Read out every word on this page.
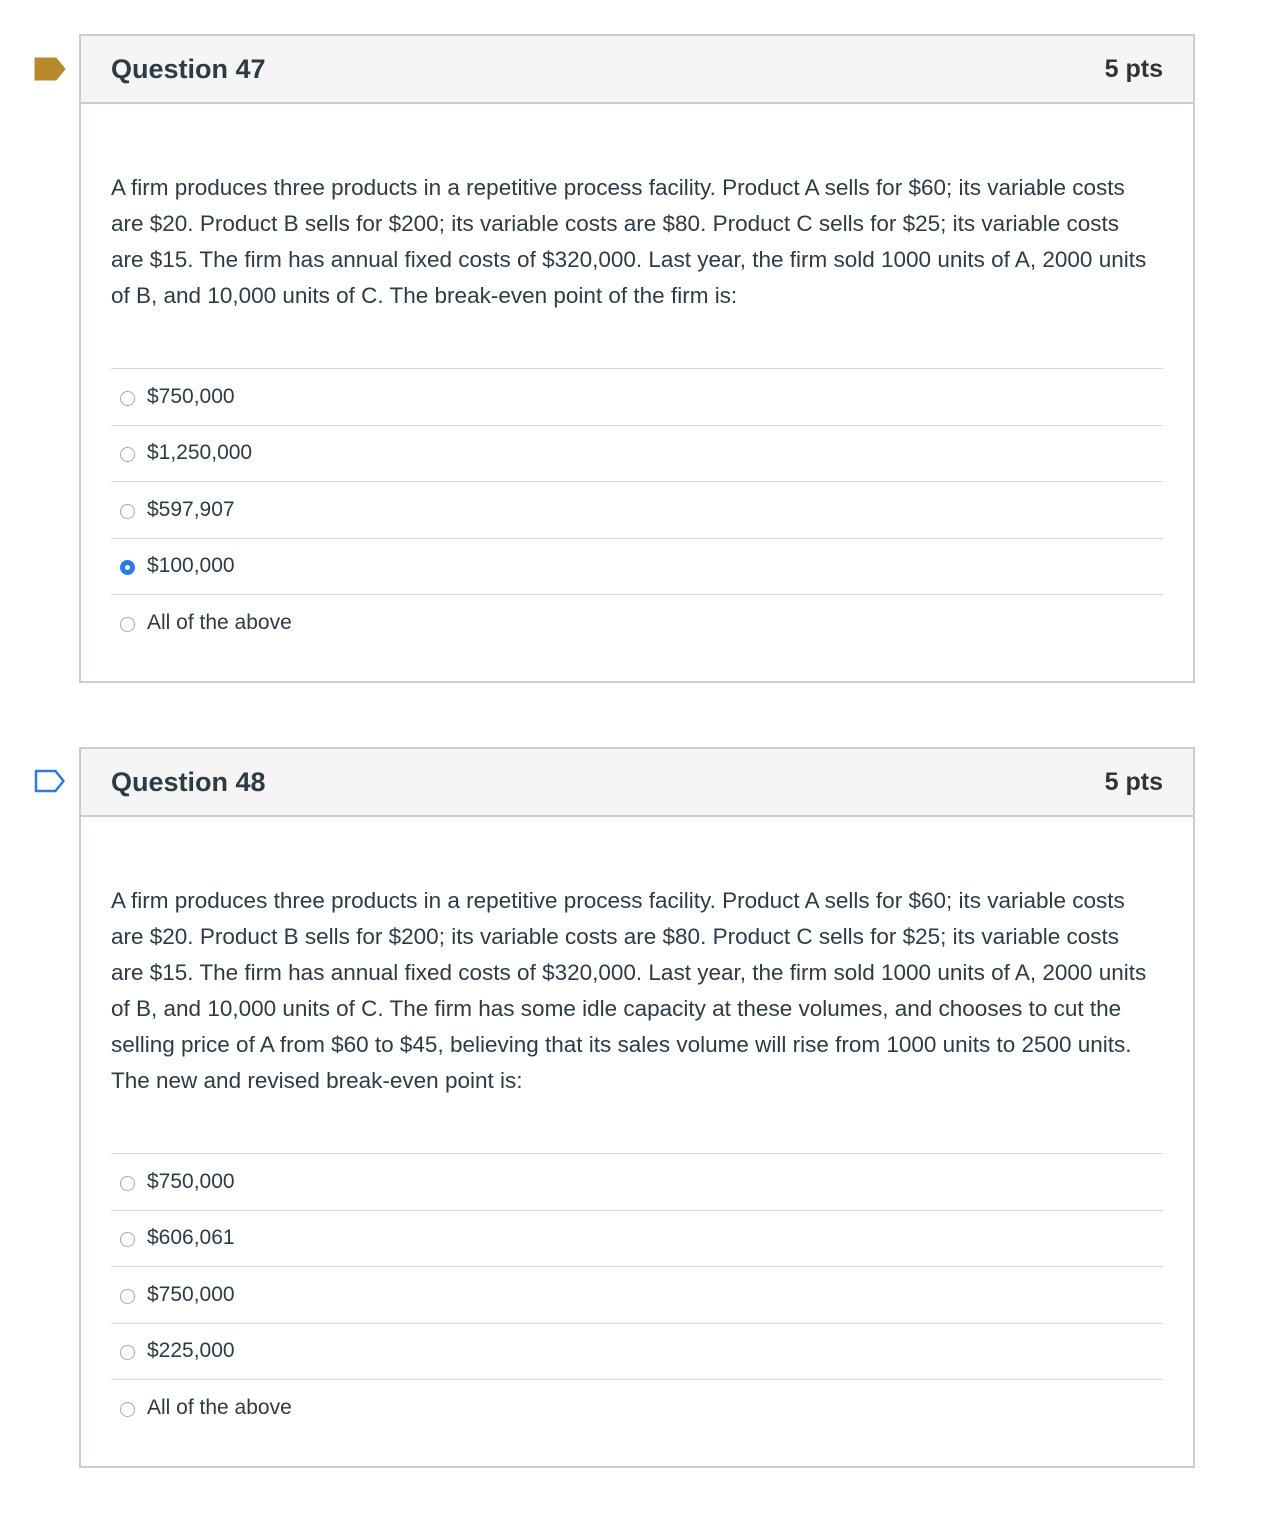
Question 47	5 pts

A firm produces three products in a repetitive process facility. Product A sells for $60; its variable costs are $20. Product B sells for $200; its variable costs are $80. Product C sells for $25; its variable costs are $15. The firm has annual fixed costs of $320,000. Last year, the firm sold 1000 units of A, 2000 units of B, and 10,000 units of C. The break-even point of the firm is:

$750,000
$1,250,000
$597,907
$100,000
All of the above
Question 48	5 pts

A firm produces three products in a repetitive process facility. Product A sells for $60; its variable costs are $20. Product B sells for $200; its variable costs are $80. Product C sells for $25; its variable costs are $15. The firm has annual fixed costs of $320,000. Last year, the firm sold 1000 units of A, 2000 units of B, and 10,000 units of C. The firm has some idle capacity at these volumes, and chooses to cut the selling price of A from $60 to $45, believing that its sales volume will rise from 1000 units to 2500 units. The new and revised break-even point is:

$750,000
$606,061
$750,000
$225,000
All of the above
